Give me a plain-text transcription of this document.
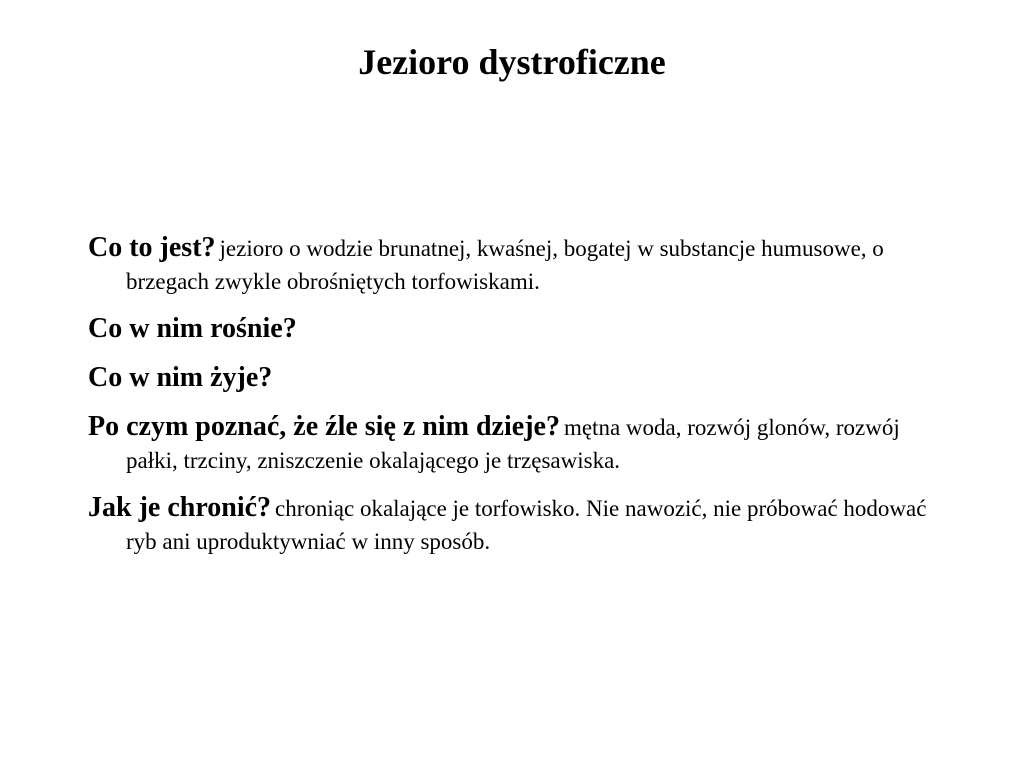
Jezioro dystroficzne
Co to jest? jezioro o wodzie brunatnej, kwaśnej, bogatej w substancje humusowe, o brzegach zwykle obrośniętych torfowiskami.
Co w nim rośnie?
Co w nim żyje?
Po czym poznać, że źle się z nim dzieje? mętna woda, rozwój glonów, rozwój pałki, trzciny, zniszczenie okalającego je trzęsawiska.
Jak je chronić? chroniąc okalające je torfowisko. Nie nawozić, nie próbować hodować ryb ani uproduktywniać w inny sposób.
